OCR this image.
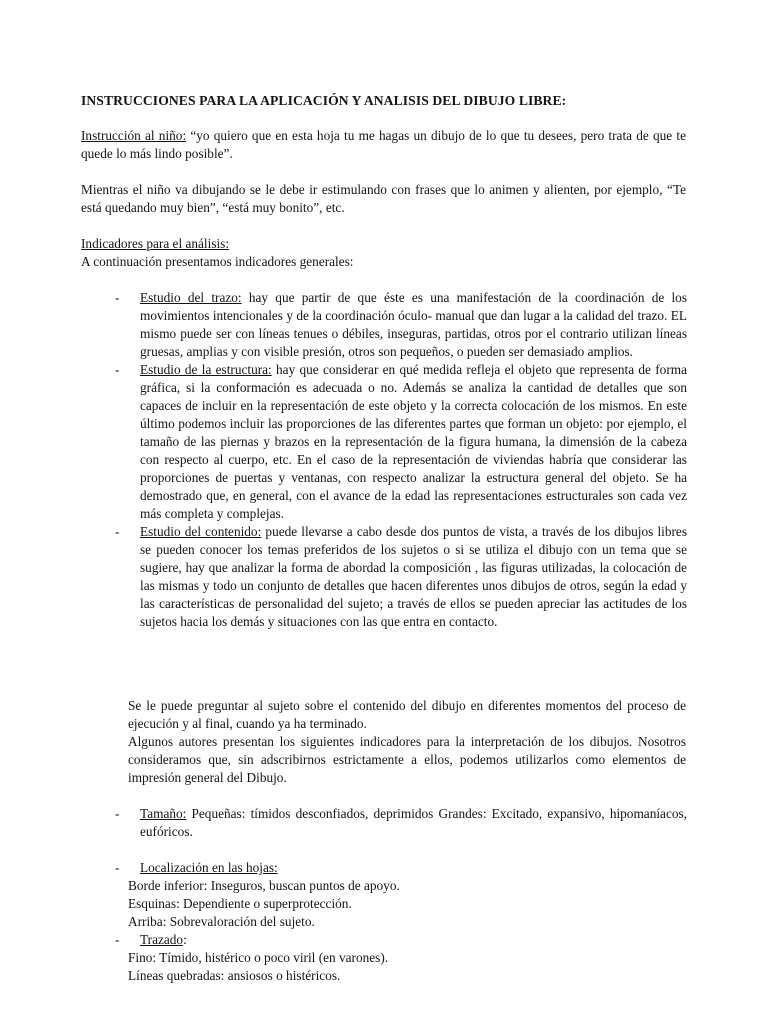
INSTRUCCIONES PARA LA APLICACIÓN Y ANALISIS DEL DIBUJO LIBRE:
Instrucción al niño: “yo quiero que en esta hoja tu me hagas un dibujo de lo que tu desees, pero trata de que te quede lo más lindo posible”.
Mientras el niño va dibujando se le debe ir estimulando con frases que lo animen y alienten, por ejemplo, “Te está quedando muy bien”, “está muy bonito”, etc.
Indicadores para el análisis:
A continuación presentamos indicadores generales:
- Estudio del trazo: hay que partir de que éste es una manifestación de la coordinación de los movimientos intencionales y de la coordinación óculo- manual que dan lugar a la calidad del trazo. EL mismo puede ser con líneas tenues o débiles, inseguras, partidas, otros por el contrario utilizan líneas gruesas, amplias y con visible presión, otros son pequeños, o pueden ser demasiado amplios.
- Estudio de la estructura: hay que considerar en qué medida refleja el objeto que representa de forma gráfica, si la conformación es adecuada o no. Además se analiza la cantidad de detalles que son capaces de incluir en la representación de este objeto y la correcta colocación de los mismos. En este último podemos incluir las proporciones de las diferentes partes que forman un objeto: por ejemplo, el tamaño de las piernas y brazos en la representación de la figura humana, la dimensión de la cabeza con respecto al cuerpo, etc. En el caso de la representación de viviendas habría que considerar las proporciones de puertas y ventanas, con respecto analizar la estructura general del objeto. Se ha demostrado que, en general, con el avance de la edad las representaciones estructurales son cada vez más completa y complejas.
- Estudio del contenido: puede llevarse a cabo desde dos puntos de vista, a través de los dibujos libres se pueden conocer los temas preferidos de los sujetos o si se utiliza el dibujo con un tema que se sugiere, hay que analizar la forma de abordad la composición , las figuras utilizadas, la colocación de las mismas y todo un conjunto de detalles que hacen diferentes unos dibujos de otros, según la edad y las características de personalidad del sujeto; a través de ellos se pueden apreciar las actitudes de los sujetos hacia los demás y situaciones con las que entra en contacto.
Se le puede preguntar al sujeto sobre el contenido del dibujo en diferentes momentos del proceso de ejecución y al final, cuando ya ha terminado.
Algunos autores presentan los siguientes indicadores para la interpretación de los dibujos. Nosotros consideramos que, sin adscribirnos estrictamente a ellos, podemos utilizarlos como elementos de impresión general del Dibujo.
- Tamaño: Pequeñas: tímidos desconfiados, deprimidos Grandes: Excitado, expansivo, hipomaníacos, eufóricos.
- Localización en las hojas:
Borde inferior: Inseguros, buscan puntos de apoyo.
Esquinas: Dependiente o superprotección.
Arriba: Sobrevaloración del sujeto.
- Trazado:
Fino: Tímido, histérico o poco viril (en varones).
Líneas quebradas: ansiosos o histéricos.
